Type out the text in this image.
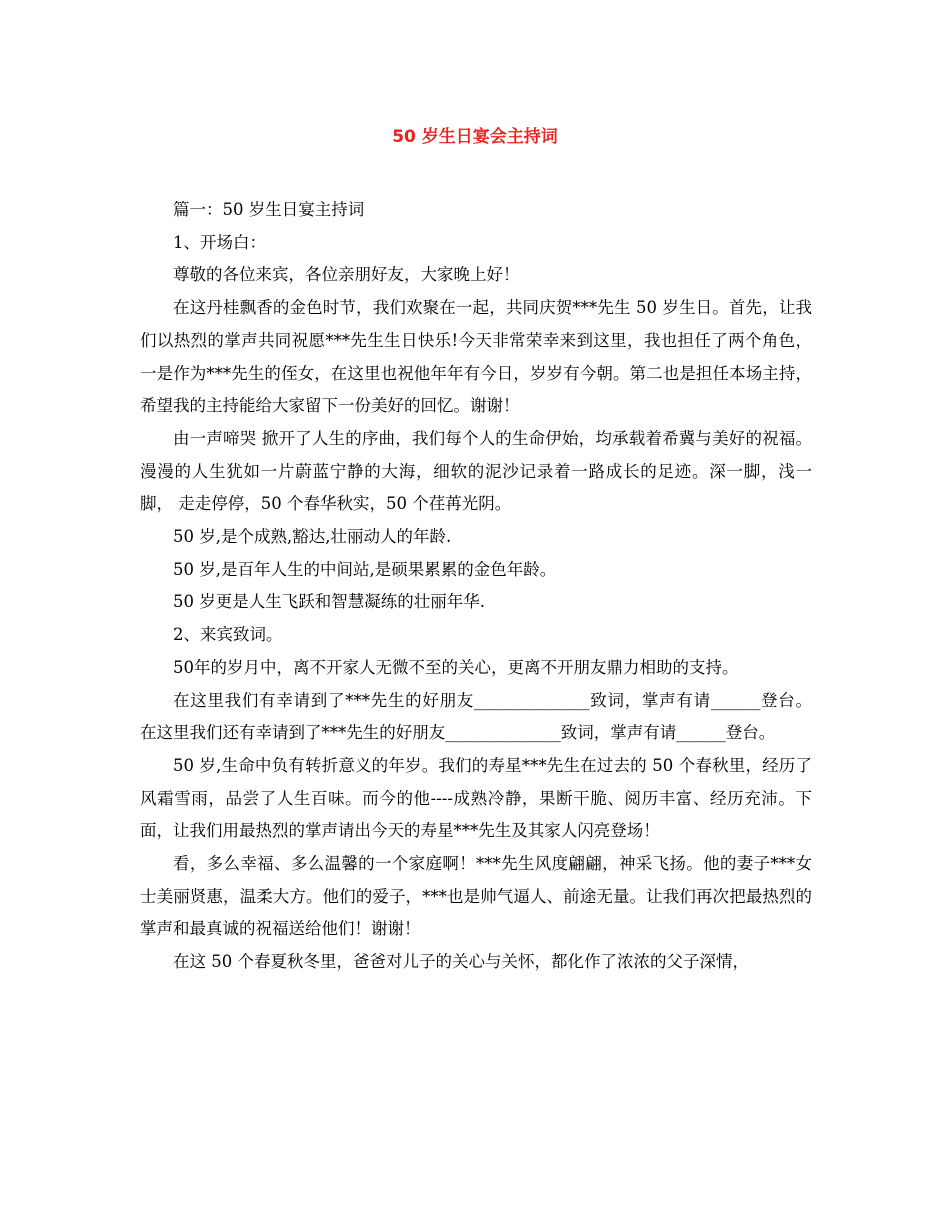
50 岁生日宴会主持词

篇一：50 岁生日宴主持词

1、开场白：

尊敬的各位来宾，各位亲朋好友，大家晚上好！

在这丹桂飘香的金色时节，我们欢聚在一起，共同庆贺***先生 50 岁生日。首先，让我们以热烈的掌声共同祝愿***先生生日快乐!今天非常荣幸来到这里，我也担任了两个角色，一是作为***先生的侄女，在这里也祝他年年有今日，岁岁有今朝。第二也是担任本场主持，希望我的主持能给大家留下一份美好的回忆。谢谢！

由一声啼哭 掀开了人生的序曲，我们每个人的生命伊始，均承载着希冀与美好的祝福。漫漫的人生犹如一片蔚蓝宁静的大海，细软的泥沙记录着一路成长的足迹。深一脚，浅一脚， 走走停停，50 个春华秋实，50 个荏苒光阴。

50 岁,是个成熟,豁达,壮丽动人的年龄.

50 岁,是百年人生的中间站,是硕果累累的金色年龄。

50 岁更是人生飞跃和智慧凝练的壮丽年华.

2、来宾致词。

50年的岁月中，离不开家人无微不至的关心，更离不开朋友鼎力相助的支持。

在这里我们有幸请到了***先生的好朋友______________致词，掌声有请______登台。 在这里我们还有幸请到了***先生的好朋友______________致词，掌声有请______登台。

50 岁,生命中负有转折意义的年岁。我们的寿星***先生在过去的 50 个春秋里，经历了风霜雪雨，品尝了人生百味。而今的他----成熟冷静，果断干脆、阅历丰富、经历充沛。下面，让我们用最热烈的掌声请出今天的寿星***先生及其家人闪亮登场！

看，多么幸福、多么温馨的一个家庭啊！***先生风度翩翩，神采飞扬。他的妻子***女士美丽贤惠，温柔大方。他们的爱子，***也是帅气逼人、前途无量。让我们再次把最热烈的掌声和最真诚的祝福送给他们！谢谢！

在这 50 个春夏秋冬里，爸爸对儿子的关心与关怀，都化作了浓浓的父子深情，
